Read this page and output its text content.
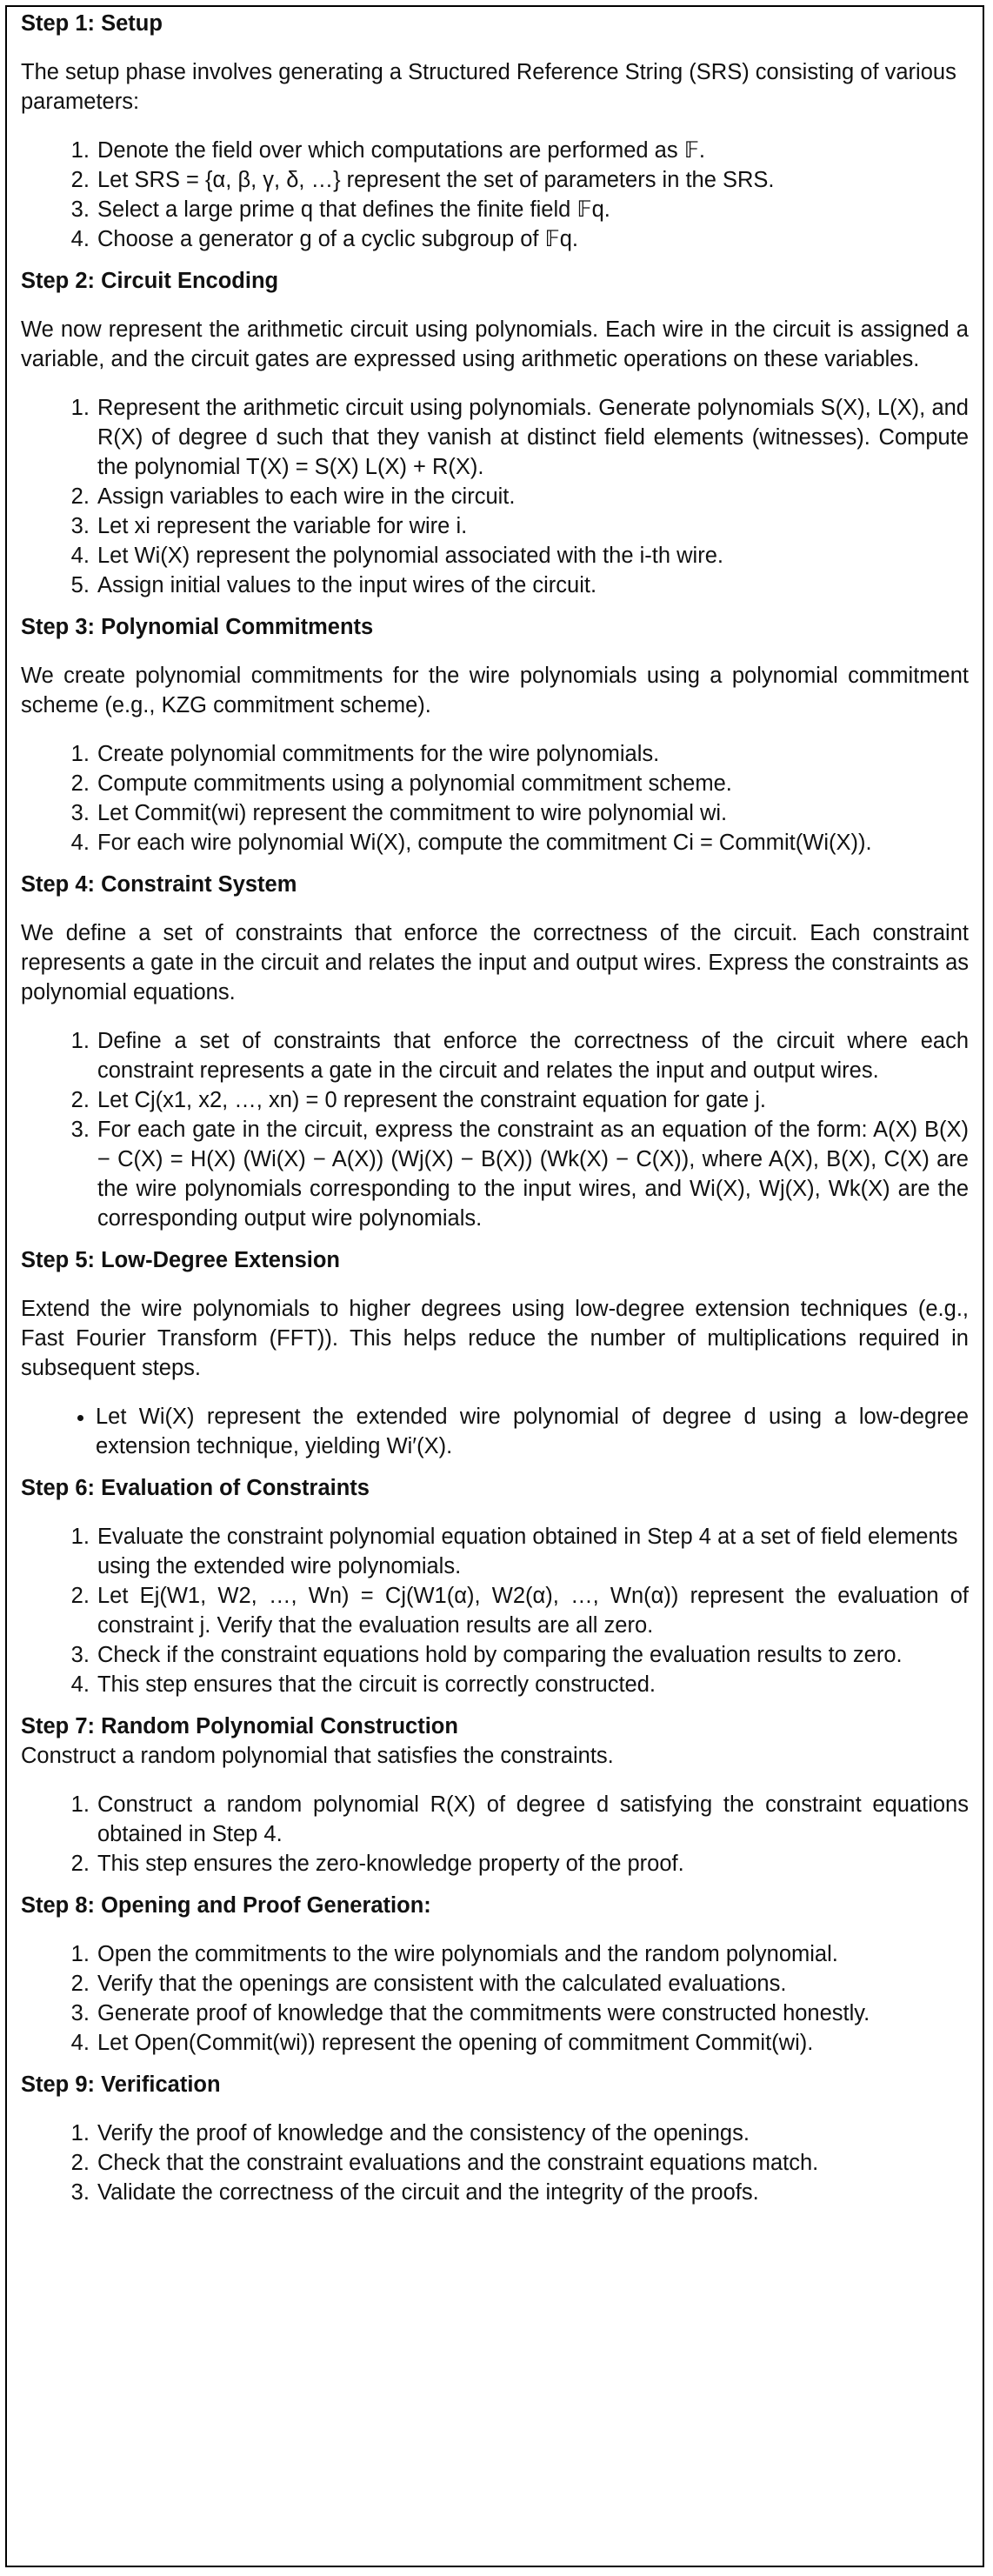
Step 1: Setup

The setup phase involves generating a Structured Reference String (SRS) consisting of various parameters:

1. Denote the field over which computations are performed as 𝔽.
2. Let SRS = {α, β, γ, δ, …} represent the set of parameters in the SRS.
3. Select a large prime q that defines the finite field 𝔽q.
4. Choose a generator g of a cyclic subgroup of 𝔽q.

Step 2: Circuit Encoding

We now represent the arithmetic circuit using polynomials. Each wire in the circuit is assigned a variable, and the circuit gates are expressed using arithmetic operations on these variables.

1. Represent the arithmetic circuit using polynomials. Generate polynomials S(X), L(X), and R(X) of degree d such that they vanish at distinct field elements (witnesses). Compute the polynomial T(X) = S(X) L(X) + R(X).
2. Assign variables to each wire in the circuit.
3. Let xi represent the variable for wire i.
4. Let Wi(X) represent the polynomial associated with the i-th wire.
5. Assign initial values to the input wires of the circuit.

Step 3: Polynomial Commitments

We create polynomial commitments for the wire polynomials using a polynomial commitment scheme (e.g., KZG commitment scheme).

1. Create polynomial commitments for the wire polynomials.
2. Compute commitments using a polynomial commitment scheme.
3. Let Commit(wi) represent the commitment to wire polynomial wi.
4. For each wire polynomial Wi(X), compute the commitment Ci = Commit(Wi(X)).

Step 4: Constraint System

We define a set of constraints that enforce the correctness of the circuit. Each constraint represents a gate in the circuit and relates the input and output wires. Express the constraints as polynomial equations.

1. Define a set of constraints that enforce the correctness of the circuit where each constraint represents a gate in the circuit and relates the input and output wires.
2. Let Cj(x1, x2, …, xn) = 0 represent the constraint equation for gate j.
3. For each gate in the circuit, express the constraint as an equation of the form: A(X) B(X) − C(X) = H(X) (Wi(X) − A(X)) (Wj(X) − B(X)) (Wk(X) − C(X)), where A(X), B(X), C(X) are the wire polynomials corresponding to the input wires, and Wi(X), Wj(X), Wk(X) are the corresponding output wire polynomials.

Step 5: Low-Degree Extension

Extend the wire polynomials to higher degrees using low-degree extension techniques (e.g., Fast Fourier Transform (FFT)). This helps reduce the number of multiplications required in subsequent steps.

• Let Wi(X) represent the extended wire polynomial of degree d using a low-degree extension technique, yielding Wi′(X).

Step 6: Evaluation of Constraints

1. Evaluate the constraint polynomial equation obtained in Step 4 at a set of field elements using the extended wire polynomials.
2. Let Ej(W1, W2, …, Wn) = Cj(W1(α), W2(α), …, Wn(α)) represent the evaluation of constraint j. Verify that the evaluation results are all zero.
3. Check if the constraint equations hold by comparing the evaluation results to zero.
4. This step ensures that the circuit is correctly constructed.

Step 7: Random Polynomial Construction

Construct a random polynomial that satisfies the constraints.

1. Construct a random polynomial R(X) of degree d satisfying the constraint equations obtained in Step 4.
2. This step ensures the zero-knowledge property of the proof.

Step 8: Opening and Proof Generation:

1. Open the commitments to the wire polynomials and the random polynomial.
2. Verify that the openings are consistent with the calculated evaluations.
3. Generate proof of knowledge that the commitments were constructed honestly.
4. Let Open(Commit(wi)) represent the opening of commitment Commit(wi).

Step 9: Verification

1. Verify the proof of knowledge and the consistency of the openings.
2. Check that the constraint evaluations and the constraint equations match.
3. Validate the correctness of the circuit and the integrity of the proofs.
